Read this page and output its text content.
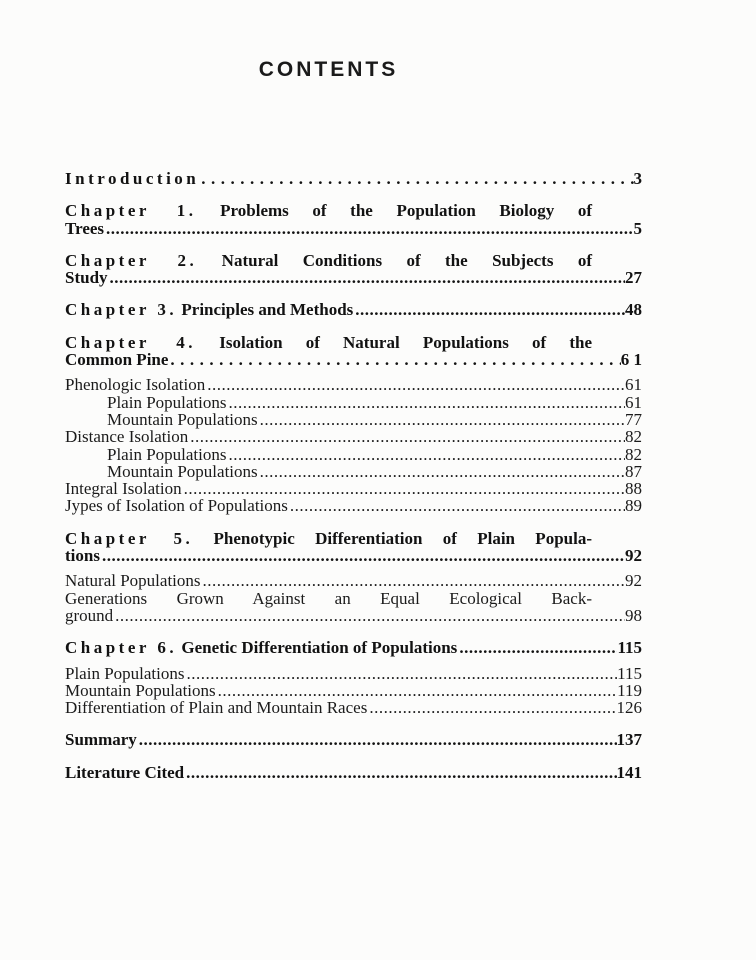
CONTENTS
Introduction .....	3
Chapter 1. Problems of the Population Biology of
Trees .....	5
Chapter 2. Natural Conditions of the Subjects of
Study .....	27
Chapter 3. Principles and Methods .....	48
Chapter 4. Isolation of Natural Populations of the
Common Pine .....	6 1
Phenologic Isolation .....	61
Plain Populations .....	61
Mountain Populations .....	77
Distance Isolation .....	82
Plain Populations .....	82
Mountain Populations .....	87
Integral Isolation .....	88
Jypes of Isolation of Populations .....	89
Chapter 5. Phenotypic Differentiation of Plain Popula-
tions .....	92
Natural Populations .....	92
Generations Grown Against an Equal Ecological Back-
ground .....	98
Chapter 6. Genetic Differentiation of Populations .....	115
Plain Populations .....	115
Mountain Populations .....	119
Differentiation of Plain and Mountain Races .....	126
Summary .....	137
Literature Cited .....	141
